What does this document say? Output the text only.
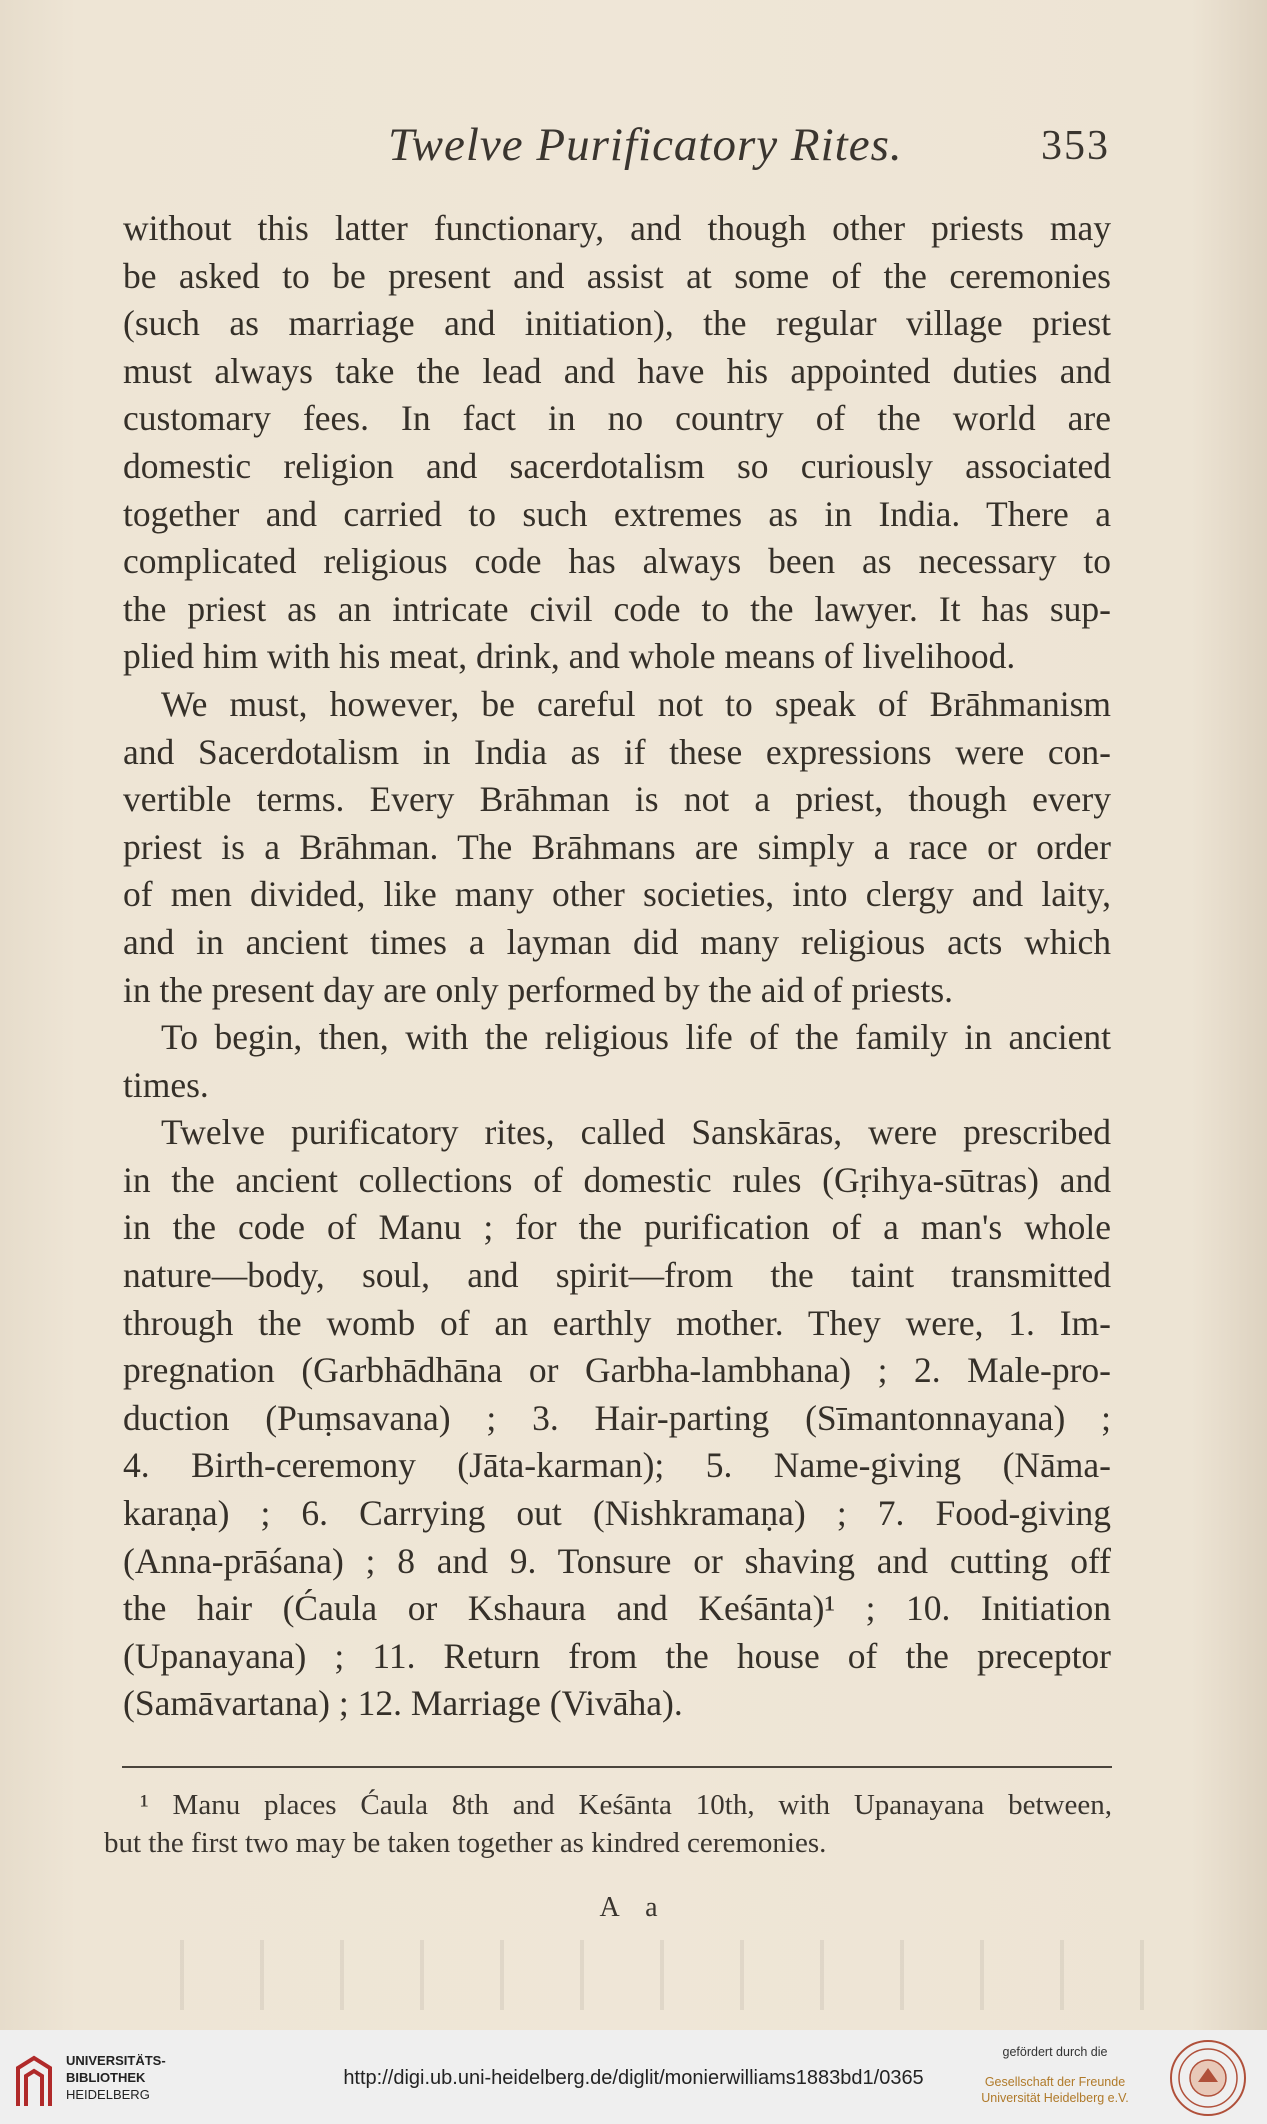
Twelve Purificatory Rites.	353
without this latter functionary, and though other priests may
be asked to be present and assist at some of the ceremonies
(such as marriage and initiation), the regular village priest
must always take the lead and have his appointed duties and
customary fees. In fact in no country of the world are
domestic religion and sacerdotalism so curiously associated
together and carried to such extremes as in India. There a
complicated religious code has always been as necessary to
the priest as an intricate civil code to the lawyer. It has sup-
plied him with his meat, drink, and whole means of livelihood.
We must, however, be careful not to speak of Brāhmanism
and Sacerdotalism in India as if these expressions were con-
vertible terms. Every Brāhman is not a priest, though every
priest is a Brāhman. The Brāhmans are simply a race or order
of men divided, like many other societies, into clergy and laity,
and in ancient times a layman did many religious acts which
in the present day are only performed by the aid of priests.
To begin, then, with the religious life of the family in ancient
times.
Twelve purificatory rites, called Sanskāras, were prescribed
in the ancient collections of domestic rules (Gṛihya-sūtras) and
in the code of Manu ; for the purification of a man's whole
nature—body, soul, and spirit—from the taint transmitted
through the womb of an earthly mother. They were, 1. Im-
pregnation (Garbhādhāna or Garbha-lambhana) ; 2. Male-pro-
duction (Puṃsavana) ; 3. Hair-parting (Sīmantonnayana) ;
4. Birth-ceremony (Jāta-karman); 5. Name-giving (Nāma-
karaṇa) ; 6. Carrying out (Nishkramaṇa) ; 7. Food-giving
(Anna-prāśana) ; 8 and 9. Tonsure or shaving and cutting off
the hair (Ćaula or Kshaura and Keśānta)¹ ; 10. Initiation
(Upanayana) ; 11. Return from the house of the preceptor
(Samāvartana) ; 12. Marriage (Vivāha).
¹ Manu places Ćaula 8th and Keśānta 10th, with Upanayana between,
but the first two may be taken together as kindred ceremonies.
A a
UNIVERSITÄTS-
BIBLIOTHEK
HEIDELBERG
http://digi.ub.uni-heidelberg.de/diglit/monierwilliams1883bd1/0365
gefördert durch die
Gesellschaft der Freunde
Universität Heidelberg e.V.
